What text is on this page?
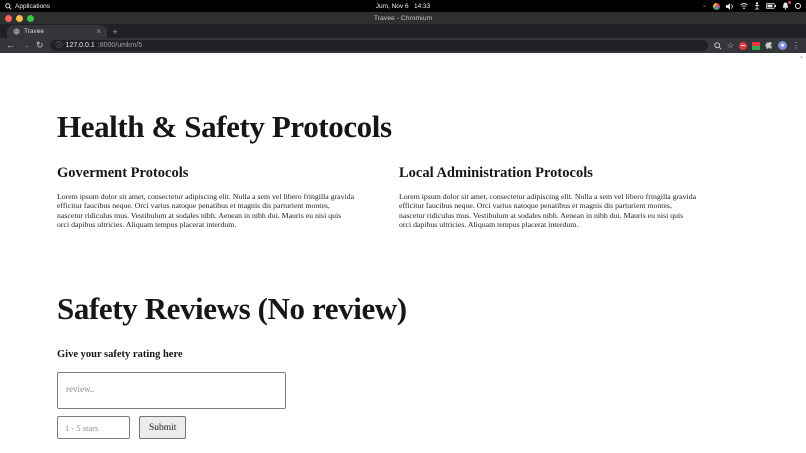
Applications	Jum, Nov 6   14:33	⌄
Travee - Chromium
Travee	×	+
← → ↻ ⓘ 127.0.0.1 :8000/umkm/5	☆	☻ ⋮
▲
Health & Safety Protocols
Goverment Protocols

Lorem ipsum dolor sit amet, consectetur adipiscing elit. Nulla a sem vel libero fringilla gravida efficitur faucibus neque. Orci varius natoque penatibus et magnis dis parturient montes, nascetur ridiculus mus. Vestibulum at sodales nibh. Aenean in nibh dui. Mauris eu nisi quis orci dapibus ultricies. Aliquam tempus placerat interdum.

Local Administration Protocols

Lorem ipsum dolor sit amet, consectetur adipiscing elit. Nulla a sem vel libero fringilla gravida efficitur faucibus neque. Orci varius natoque penatibus et magnis dis parturient montes, nascetur ridiculus mus. Vestibulum at sodales nibh. Aenean in nibh dui. Mauris eu nisi quis orci dapibus ultricies. Aliquam tempus placerat interdum.

Safety Reviews (No review)
Give your safety rating here
review..
1 - 5 stars
Submit
